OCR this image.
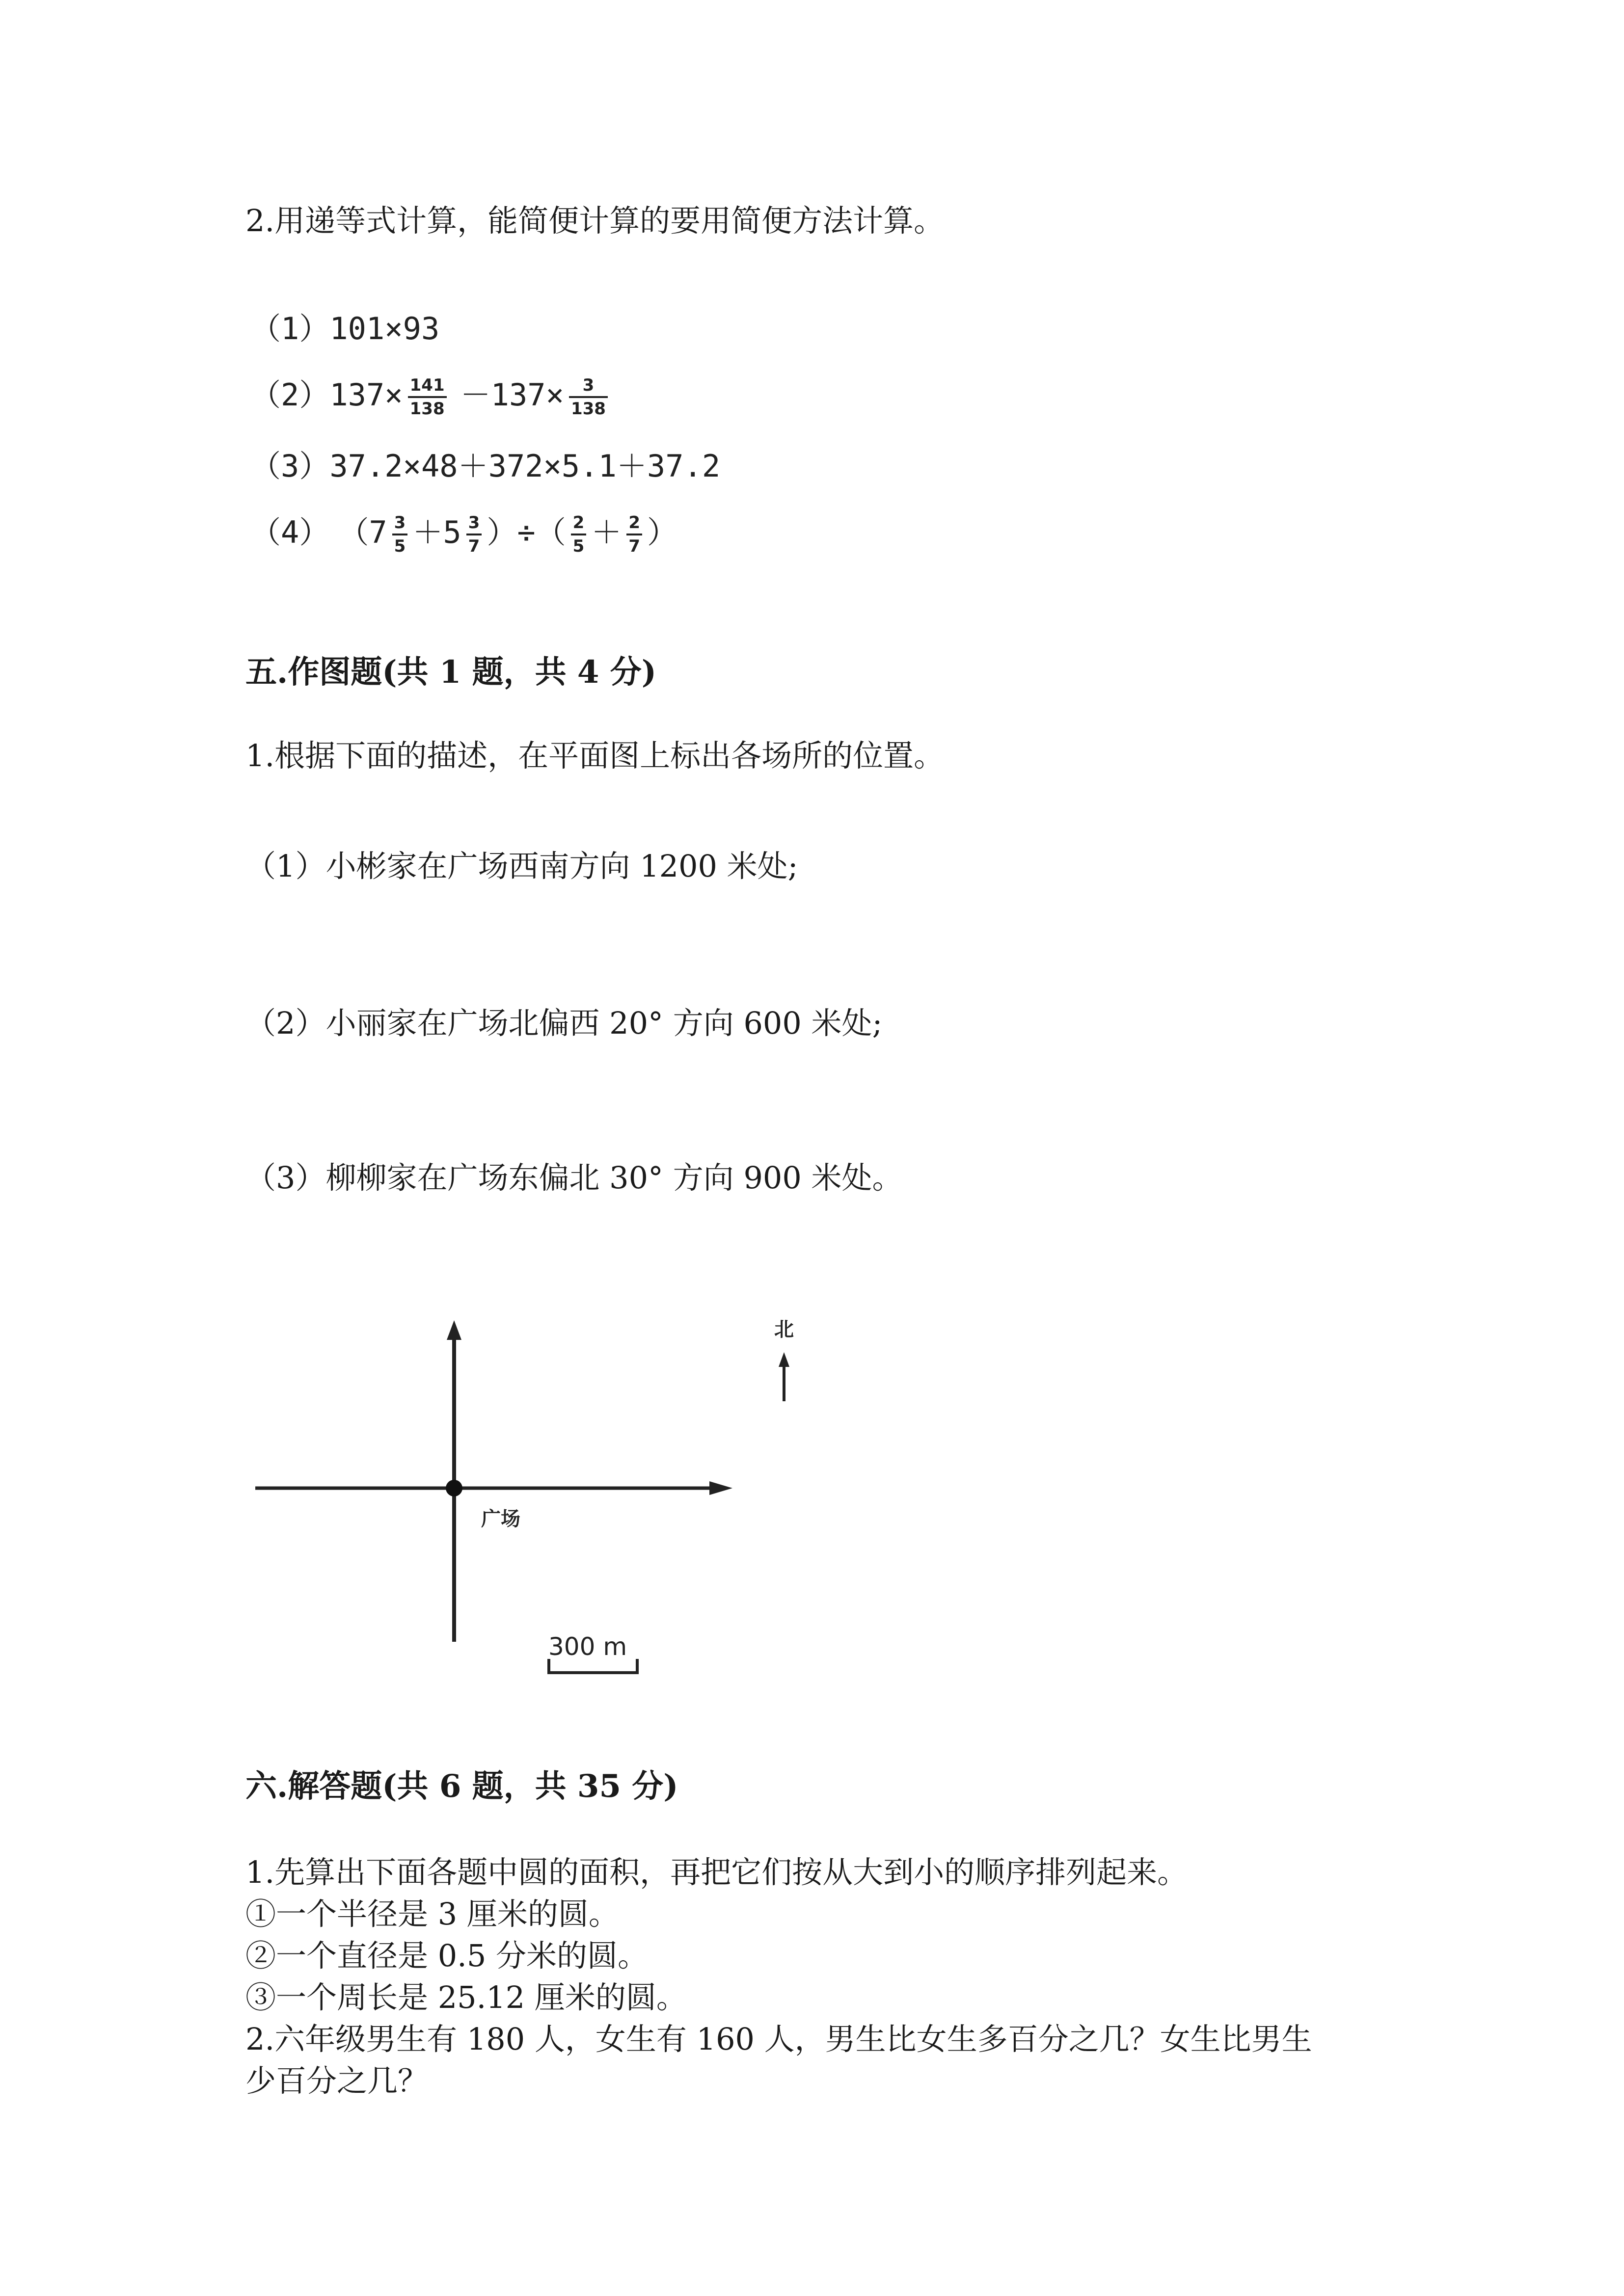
2.用递等式计算，能简便计算的要用简便方法计算。
（1）101×93
$(2)137\times \frac{141}{138} -137\times \frac{3}{138}$
（3）37.2×48＋372×5.1＋37.2
（4） （$7 \frac{3}{5} +5 \frac{3}{7}$ ）÷（ $\frac{2}{5} + \frac{2}{7}$ ）
五.作图题(共 1 题，共 4 分)
1.根据下面的描述，在平面图上标出各场所的位置。
（1）小彬家在广场西南方向 1200 米处;
（2）小丽家在广场北偏西 20° 方向 600 米处;
（3）柳柳家在广场东偏北 30° 方向 900 米处。
北
广场
300 m
六.解答题(共 6 题，共 35 分)
1.先算出下面各题中圆的面积，再把它们按从大到小的顺序排列起来。
①一个半径是 3 厘米的圆。
②一个直径是 0.5 分米的圆。
③一个周长是 25.12 厘米的圆。
2.六年级男生有 180 人，女生有 160 人，男生比女生多百分之几？女生比男生
少百分之几？
